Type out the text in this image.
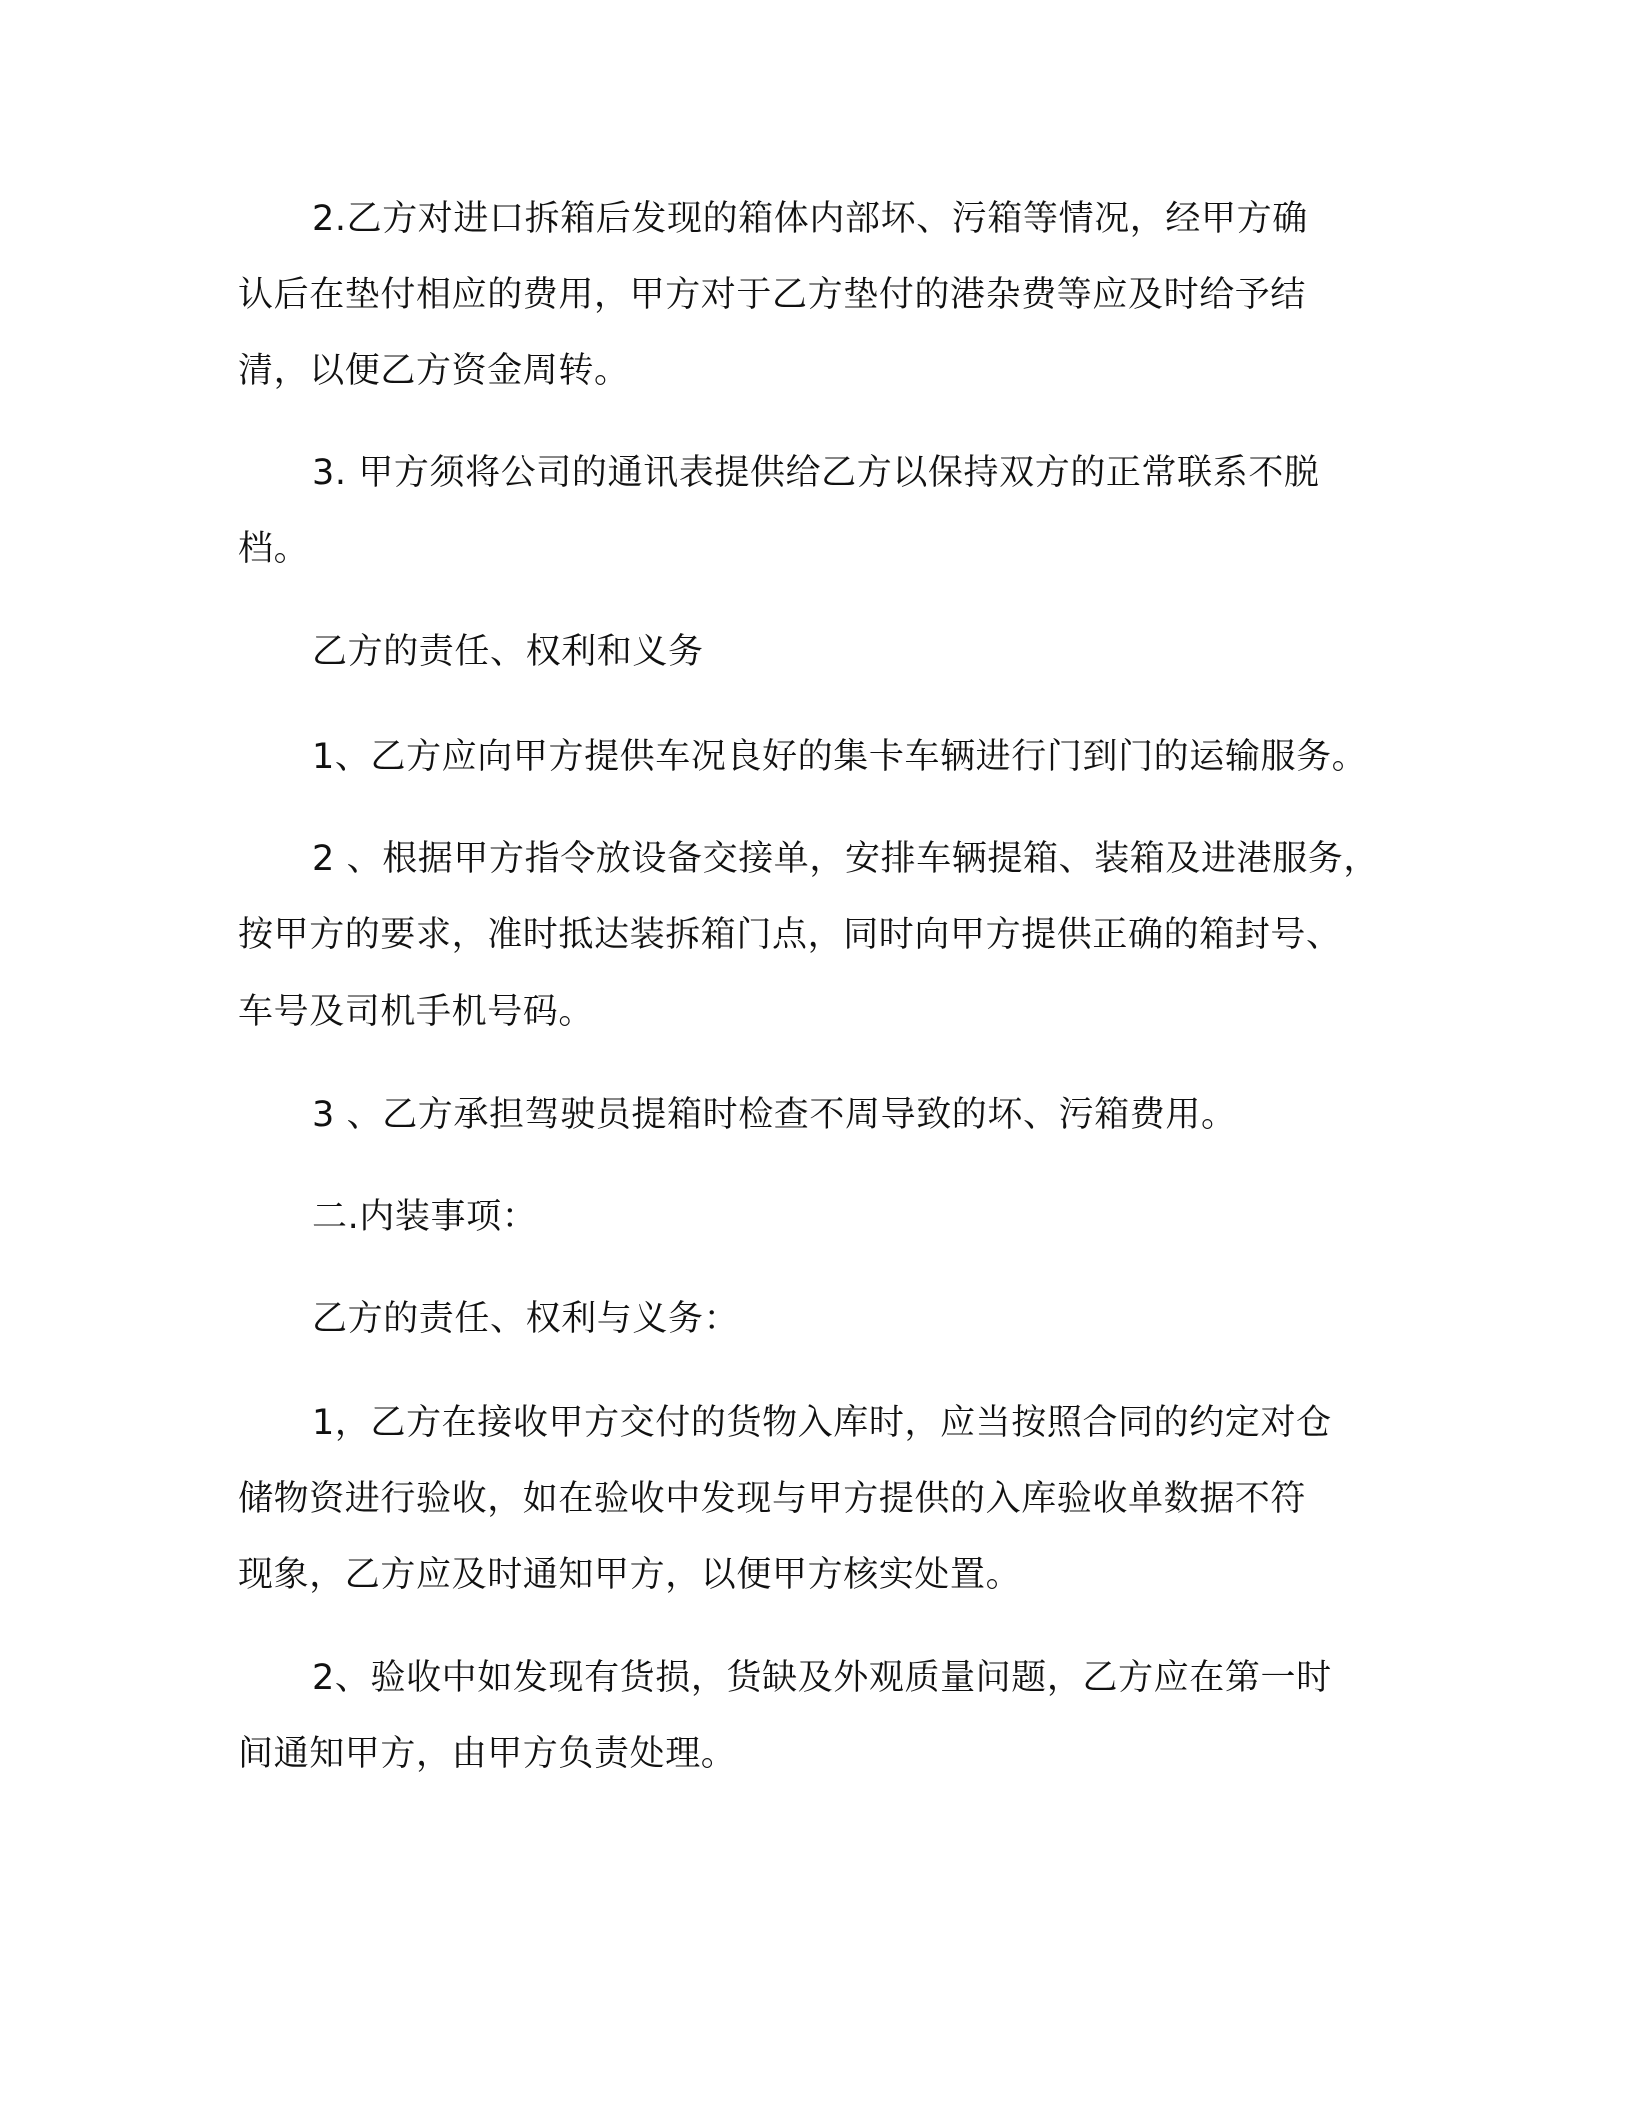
2.乙方对进口拆箱后发现的箱体内部坏、污箱等情况，经甲方确
认后在垫付相应的费用，甲方对于乙方垫付的港杂费等应及时给予结
清，以便乙方资金周转。
3. 甲方须将公司的通讯表提供给乙方以保持双方的正常联系不脱
档。
乙方的责任、权利和义务
1、乙方应向甲方提供车况良好的集卡车辆进行门到门的运输服务。
2 、根据甲方指令放设备交接单，安排车辆提箱、装箱及进港服务，
按甲方的要求，准时抵达装拆箱门点，同时向甲方提供正确的箱封号、
车号及司机手机号码。
3 、乙方承担驾驶员提箱时检查不周导致的坏、污箱费用。
二.内装事项：
乙方的责任、权利与义务：
1，乙方在接收甲方交付的货物入库时，应当按照合同的约定对仓
储物资进行验收，如在验收中发现与甲方提供的入库验收单数据不符
现象，乙方应及时通知甲方，以便甲方核实处置。
2、验收中如发现有货损，货缺及外观质量问题，乙方应在第一时
间通知甲方，由甲方负责处理。
